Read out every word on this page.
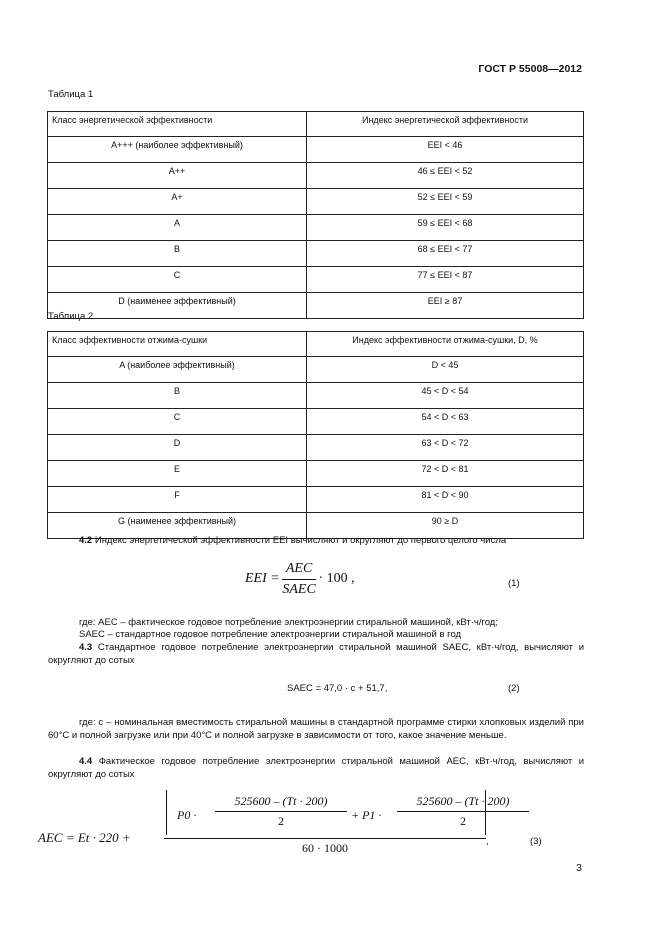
ГОСТ Р 55008—2012
Таблица 1
Класс энергетической эффективности	Индекс энергетической эффективности
A+++ (наиболее эффективный)	EEI < 46
A++	46 ≤ EEI < 52
A+	52 ≤ EEI < 59
A	59 ≤ EEI < 68
B	68 ≤ EEI < 77
C	77 ≤ EEI < 87
D (наименее эффективный)	EEI ≥ 87
Таблица 2
Класс эффективности отжима-сушки	Индекс эффективности отжима-сушки, D, %
A (наиболее эффективный)	D < 45
B	45 < D < 54
C	54 < D < 63
D	63 < D < 72
E	72 < D < 81
F	81 < D < 90
G (наименее эффективный)	90 ≥ D
4.2 Индекс энергетической эффективности EEI вычисляют и округляют до первого целого числа
EEI = $\frac{\text{AEC}}{\text{SAEC}} \cdot 100$ ,	(1)
где: AEC – фактическое годовое потребление электроэнергии стиральной машиной, кВт·ч/год;
SAEC – стандартное годовое потребление электроэнергии стиральной машиной в год
4.3 Стандартное годовое потребление электроэнергии стиральной машиной SAEC, кВт·ч/год, вычисляют и округляют до сотых
SAEC = 47,0 · c + 51,7,	(2)
где: c – номинальная вместимость стиральной машины в стандартной программе стирки хлопковых изделий при 60°C и полной загрузке или при 40°C и полной загрузке в зависимости от того, какое значение меньше.
4.4 Фактическое годовое потребление электроэнергии стиральной машиной AEC, кВт·ч/год, вычисляют и округляют до сотых
AEC = Et · 220 +
$P0 \cdot \frac{525600 - (Tt \cdot 200)}{2} + P1 \cdot \frac{525600 - (Tt \cdot 200)}{2}$
60 · 1000	,	(3)
3
